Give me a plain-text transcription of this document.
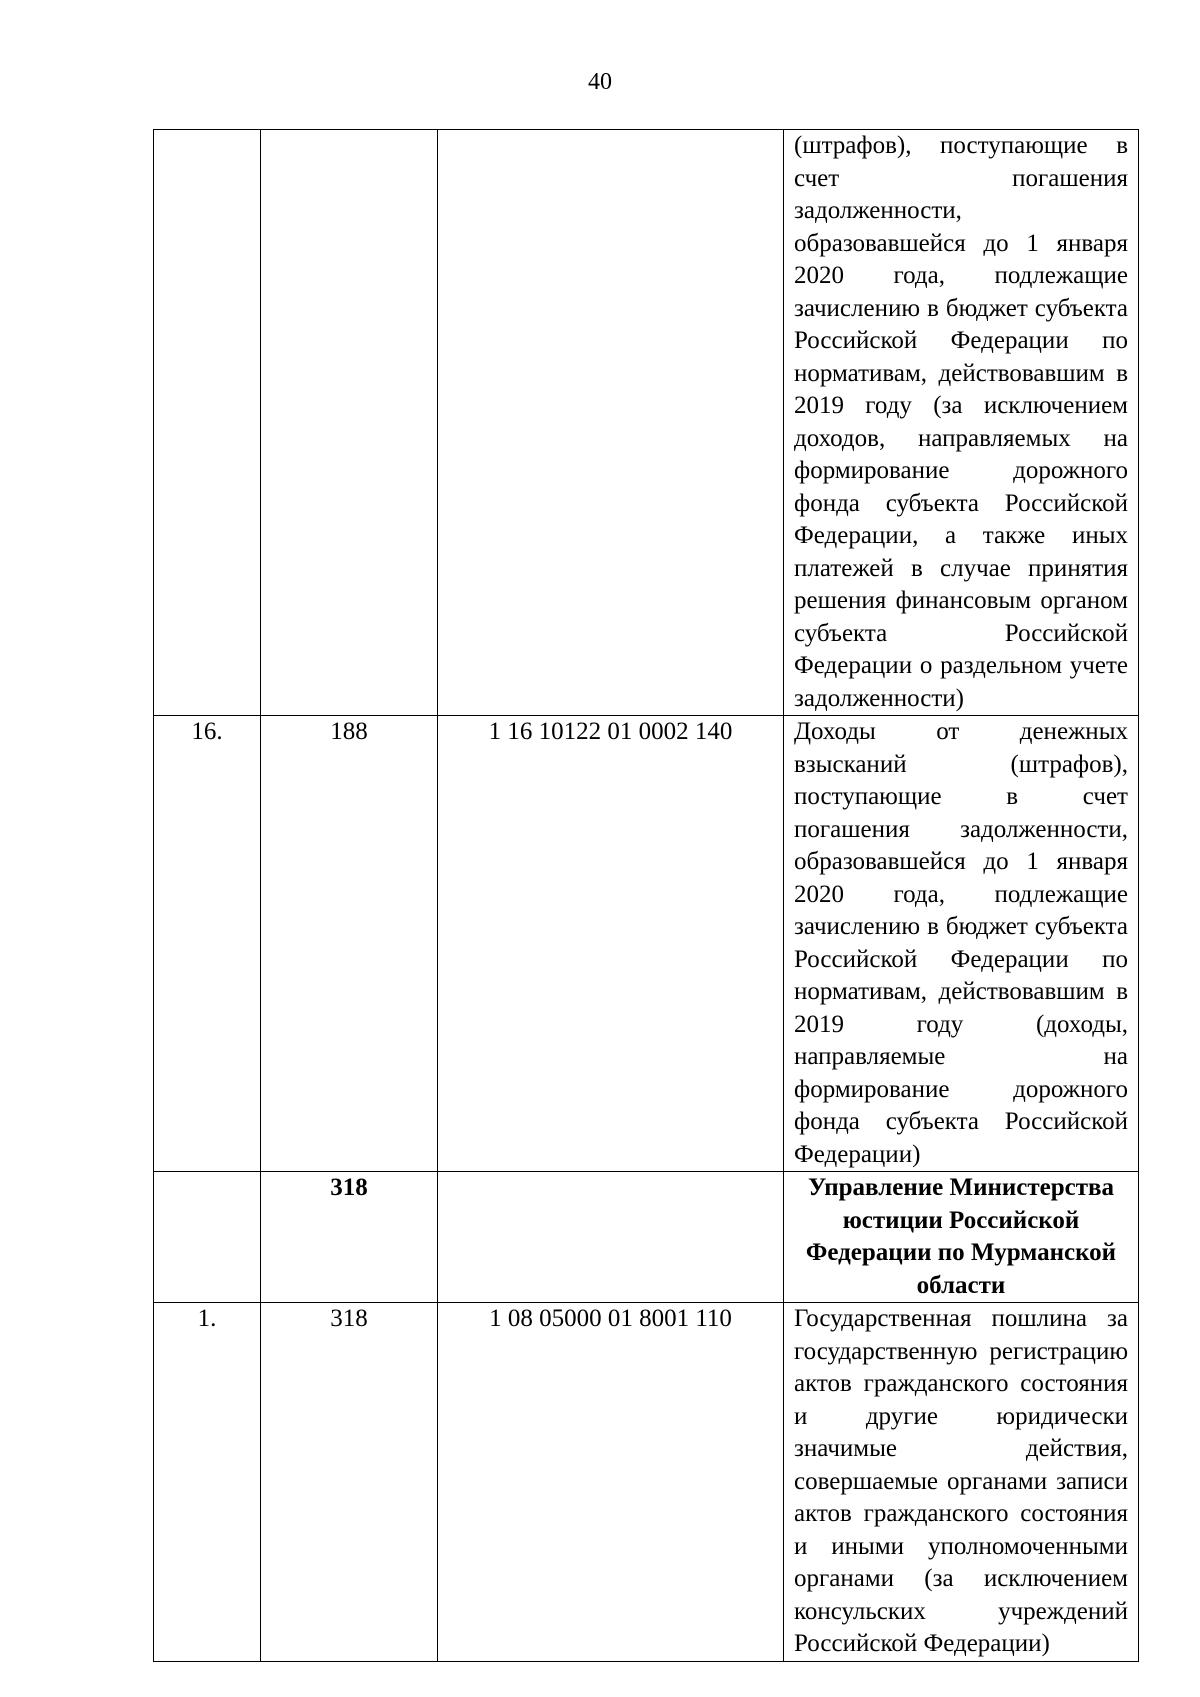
40
			(штрафов), поступающие в счет погашения задолженности, образовавшейся до 1 января 2020 года, подлежащие зачислению в бюджет субъекта Российской Федерации по нормативам, действовавшим в 2019 году (за исключением доходов, направляемых на формирование дорожного фонда субъекта Российской Федерации, а также иных платежей в случае принятия решения финансовым органом субъекта Российской Федерации о раздельном учете задолженности)
16.	188	1 16 10122 01 0002 140	Доходы от денежных взысканий (штрафов), поступающие в счет погашения задолженности, образовавшейся до 1 января 2020 года, подлежащие зачислению в бюджет субъекта Российской Федерации по нормативам, действовавшим в 2019 году (доходы, направляемые на формирование дорожного фонда субъекта Российской Федерации)
	318		Управление Министерства юстиции Российской Федерации по Мурманской области
1.	318	1 08 05000 01 8001 110	Государственная пошлина за государственную регистрацию актов гражданского состояния и другие юридически значимые действия, совершаемые органами записи актов гражданского состояния и иными уполномоченными органами (за исключением консульских учреждений Российской Федерации)
